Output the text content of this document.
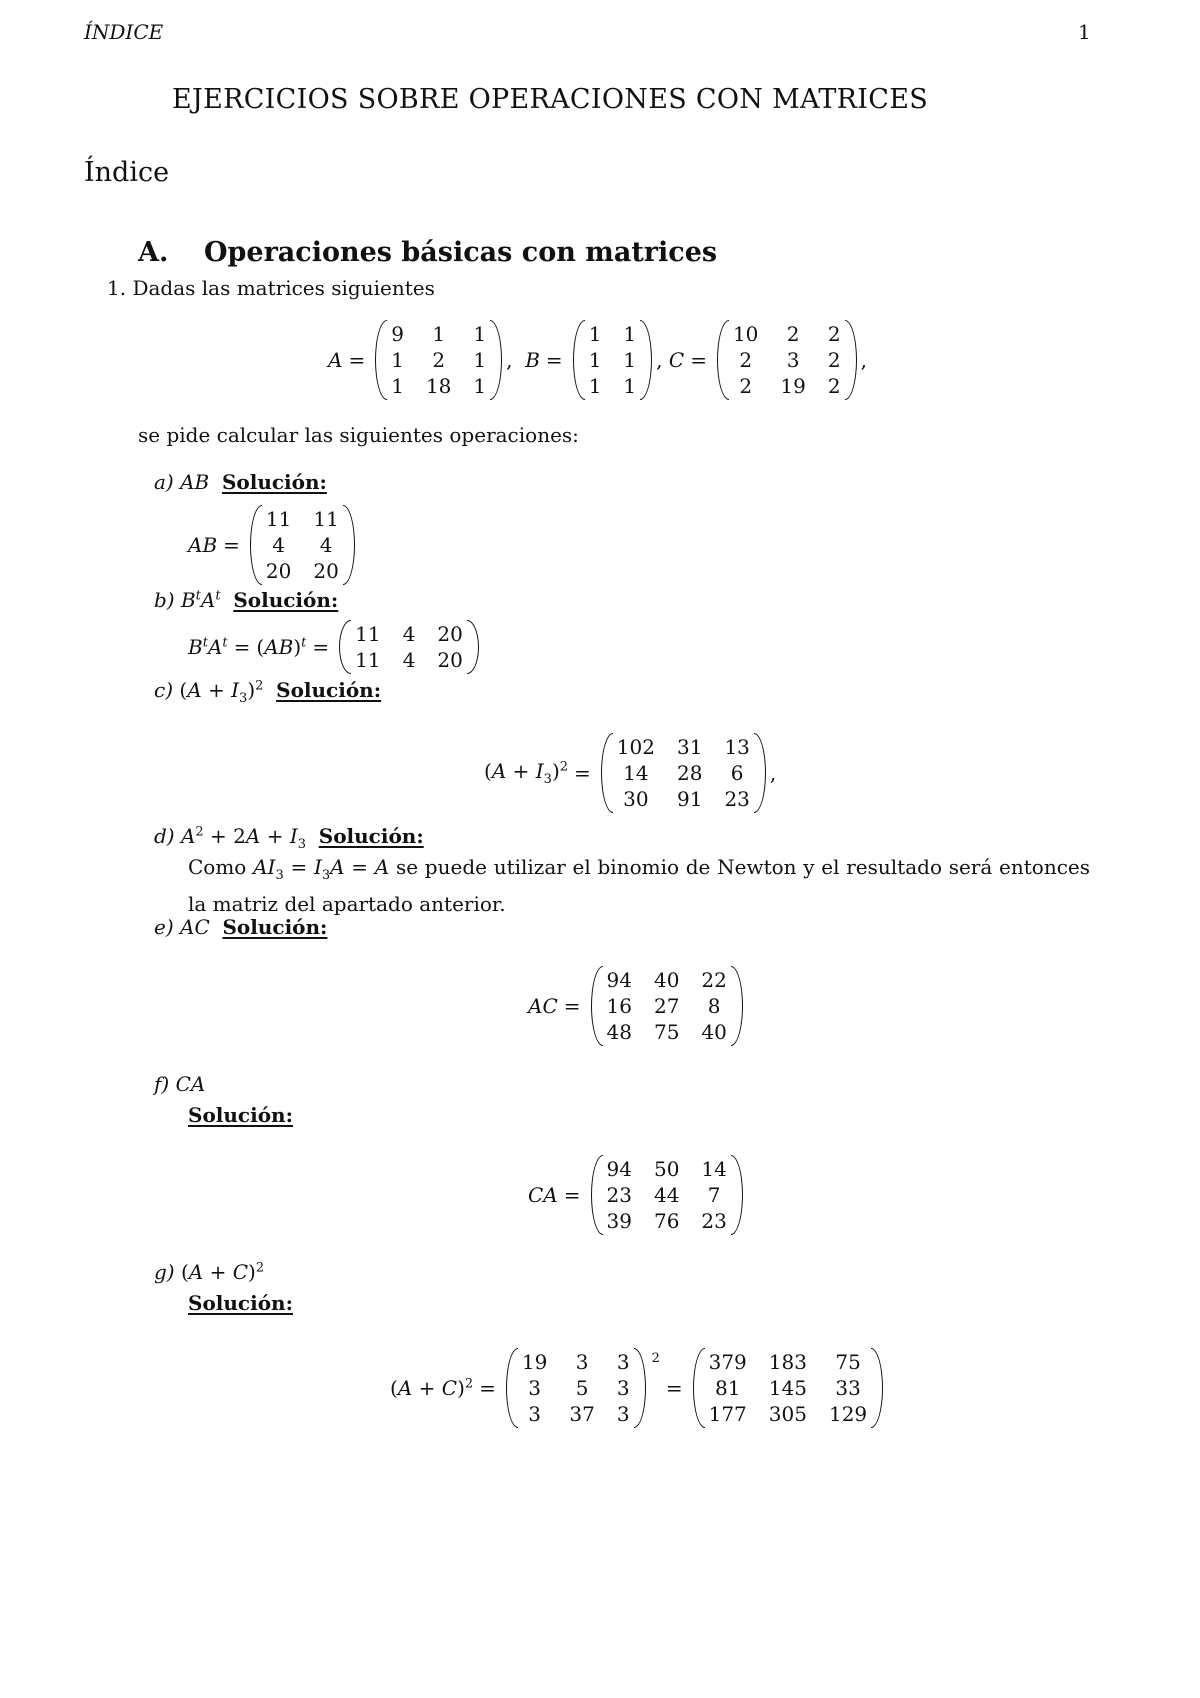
ÍNDICE	1
EJERCICIOS SOBRE OPERACIONES CON MATRICES
Índice
A. Operaciones básicas con matrices
1. Dadas las matrices siguientes
A =
9 1 1
1 2 1
1 18 1
, B =
1 1
1 1
1 1
, C =
10 2 2
2 3 2
2 19 2
,
se pide calcular las siguientes operaciones:
a) AB Solución:
AB =
11 11
4 4
20 20
b) $B^tA^t$ Solución:
$B^tA^t = (AB)^t$ =
11 4 20
11 4 20
c) $(A + I_3)^2$ Solución:
$(A + I_3)^2$ =
102 31 13
14 28 6
30 91 23
,
d) $A^2 + 2A + I_3$ Solución:
Como $AI_3 = I_3A = A$ se puede utilizar el binomio de Newton y el resultado será entonces la matriz del apartado anterior.
e) AC Solución:
AC =
94 40 22
16 27 8
48 75 40
f) CA
Solución:
CA =
94 50 14
23 44 7
39 76 23
g) $(A + C)^2$
Solución:
$(A + C)^2$ =
19 3 3
3 5 3
3 37 3
2
=
379 183 75
81 145 33
177 305 129
